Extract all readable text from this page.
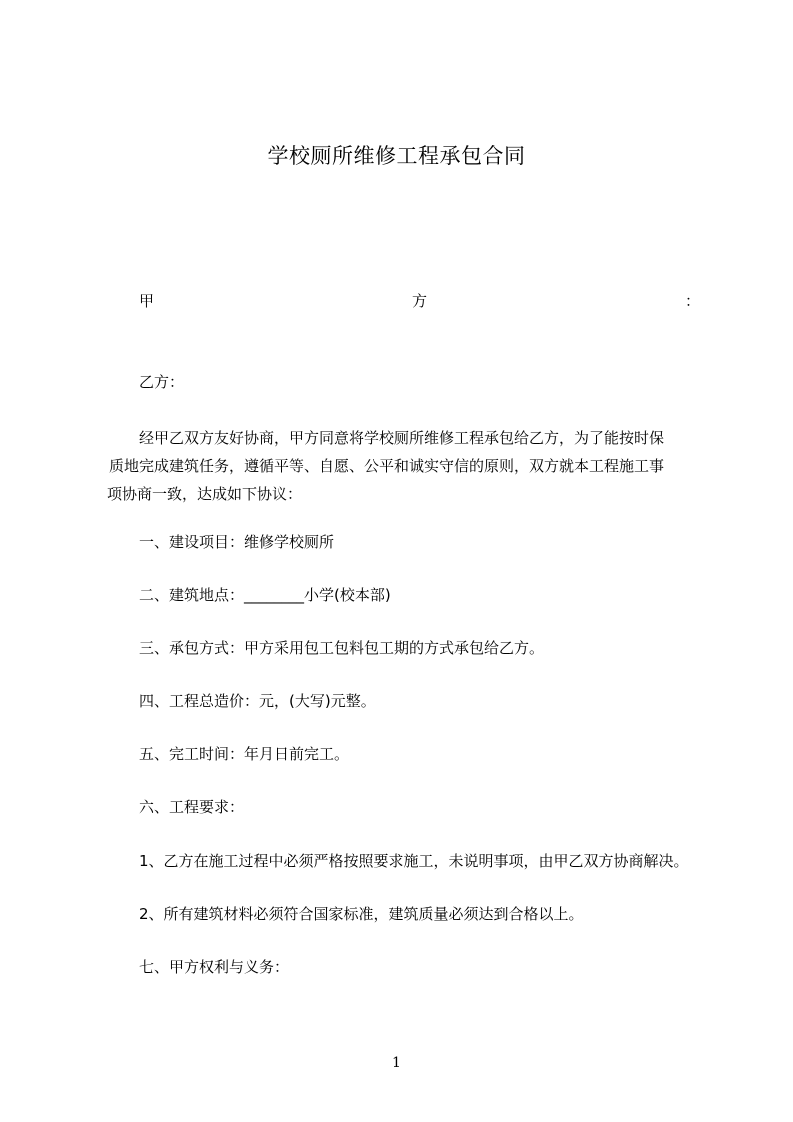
学校厕所维修工程承包合同
甲	方	：
乙方：
经甲乙双方友好协商，甲方同意将学校厕所维修工程承包给乙方，为了能按时保
质地完成建筑任务，遵循平等、自愿、公平和诚实守信的原则，双方就本工程施工事
项协商一致，达成如下协议：
一、建设项目：维修学校厕所
二、建筑地点：________小学(校本部)
三、承包方式：甲方采用包工包料包工期的方式承包给乙方。
四、工程总造价：元，(大写)元整。
五、完工时间：年月日前完工。
六、工程要求：
1、乙方在施工过程中必须严格按照要求施工，未说明事项，由甲乙双方协商解决。
2、所有建筑材料必须符合国家标准，建筑质量必须达到合格以上。
七、甲方权利与义务：
1
